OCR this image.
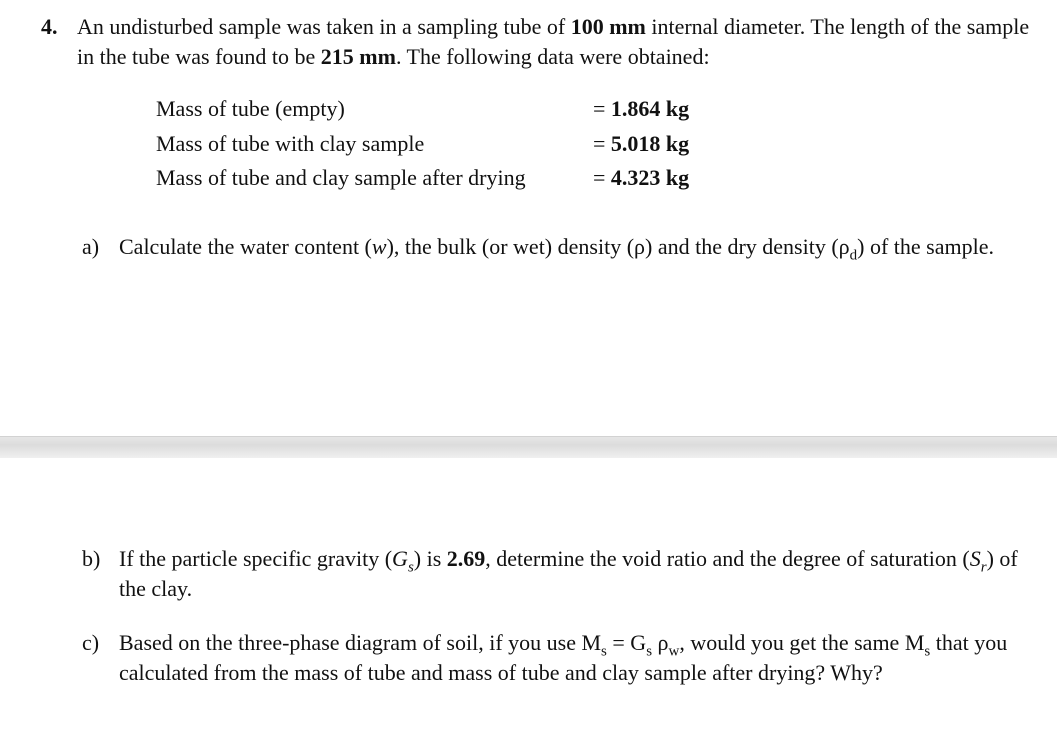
4. An undisturbed sample was taken in a sampling tube of 100 mm internal diameter. The length of the sample in the tube was found to be 215 mm. The following data were obtained:
Mass of tube (empty)	= 1.864 kg
Mass of tube with clay sample	= 5.018 kg
Mass of tube and clay sample after drying	= 4.323 kg
a) Calculate the water content (w), the bulk (or wet) density (ρ) and the dry density $(\rho_d)$ of the sample.
b) If the particle specific gravity $(G_s)$ is 2.69, determine the void ratio and the degree of saturation $(S_r)$ of the clay.
c) Based on the three-phase diagram of soil, if you use $M_s = G_s$ $\rho_w$, would you get the same $M_s$ that you calculated from the mass of tube and mass of tube and clay sample after drying? Why?
